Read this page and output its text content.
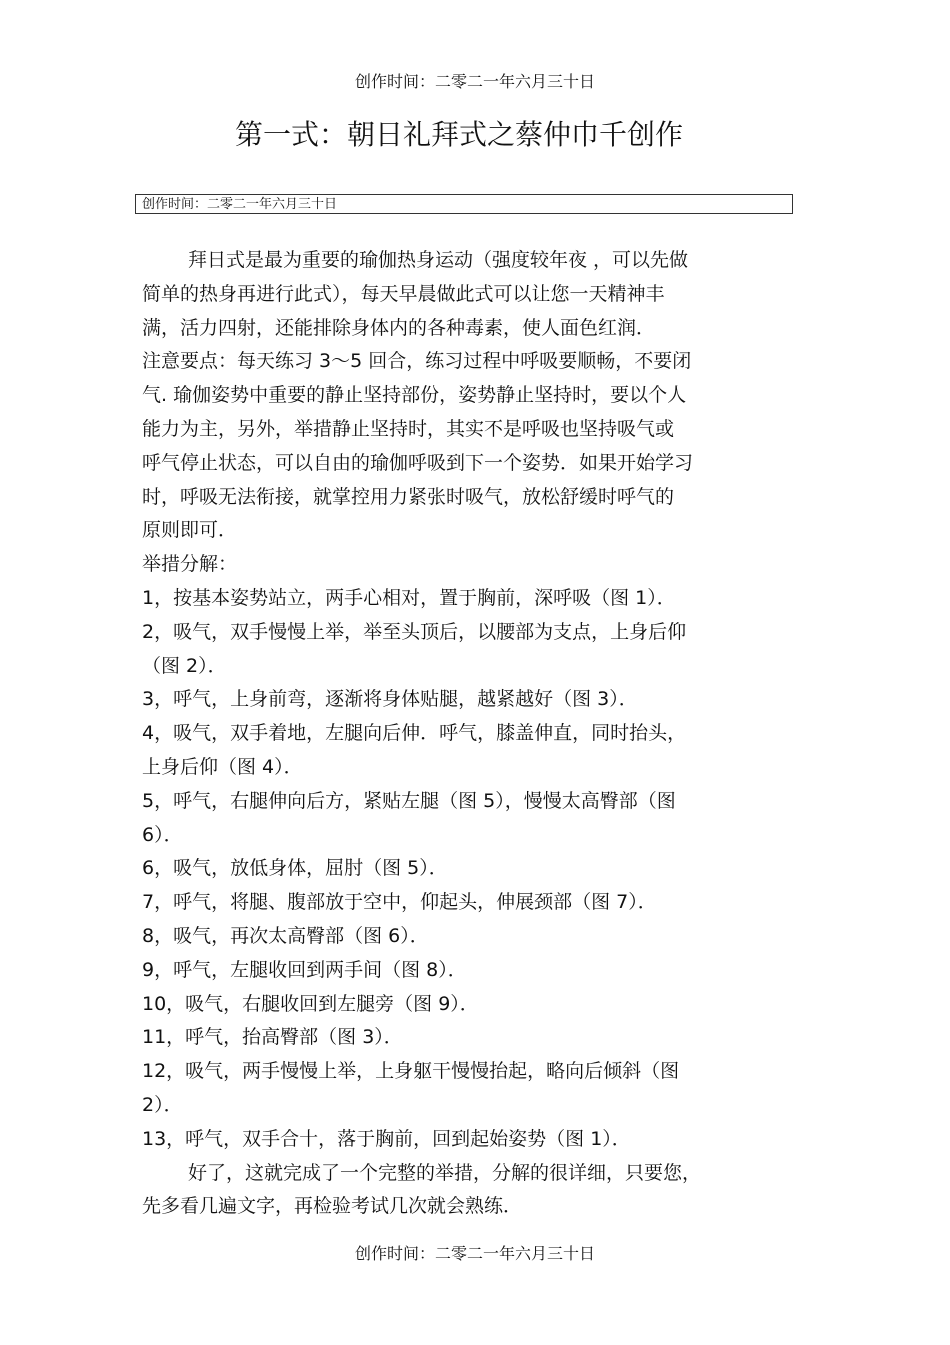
创作时间：二零二一年六月三十日
第一式：朝日礼拜式之蔡仲巾千创作
创作时间：二零二一年六月三十日
拜日式是最为重要的瑜伽热身运动（强度较年夜 ，可以先做
简单的热身再进行此式），每天早晨做此式可以让您一天精神丰
满，活力四射，还能排除身体内的各种毒素，使人面色红润．
注意要点：每天练习 3～5 回合，练习过程中呼吸要顺畅，不要闭
气. 瑜伽姿势中重要的静止坚持部份，姿势静止坚持时，要以个人
能力为主，另外，举措静止坚持时，其实不是呼吸也坚持吸气或
呼气停止状态，可以自由的瑜伽呼吸到下一个姿势．如果开始学习
时，呼吸无法衔接，就掌控用力紧张时吸气，放松舒缓时呼气的
原则即可．
举措分解：
1，按基本姿势站立，两手心相对，置于胸前，深呼吸（图 1）．
2，吸气，双手慢慢上举，举至头顶后，以腰部为支点，上身后仰
（图 2）．
3，呼气，上身前弯，逐渐将身体贴腿，越紧越好（图 3）．
4，吸气，双手着地，左腿向后伸．呼气，膝盖伸直，同时抬头，
上身后仰（图 4）．
5，呼气，右腿伸向后方，紧贴左腿（图 5），慢慢太高臀部（图
6）．
6，吸气，放低身体，屈肘（图 5）．
7，呼气，将腿、腹部放于空中，仰起头，伸展颈部（图 7）．
8，吸气，再次太高臀部（图 6）．
9，呼气，左腿收回到两手间（图 8）．
10，吸气，右腿收回到左腿旁（图 9）．
11，呼气，抬高臀部（图 3）．
12，吸气，两手慢慢上举，上身躯干慢慢抬起，略向后倾斜（图
2）．
13，呼气，双手合十，落于胸前，回到起始姿势（图 1）．
好了，这就完成了一个完整的举措，分解的很详细，只要您，
先多看几遍文字，再检验考试几次就会熟练．
创作时间：二零二一年六月三十日
